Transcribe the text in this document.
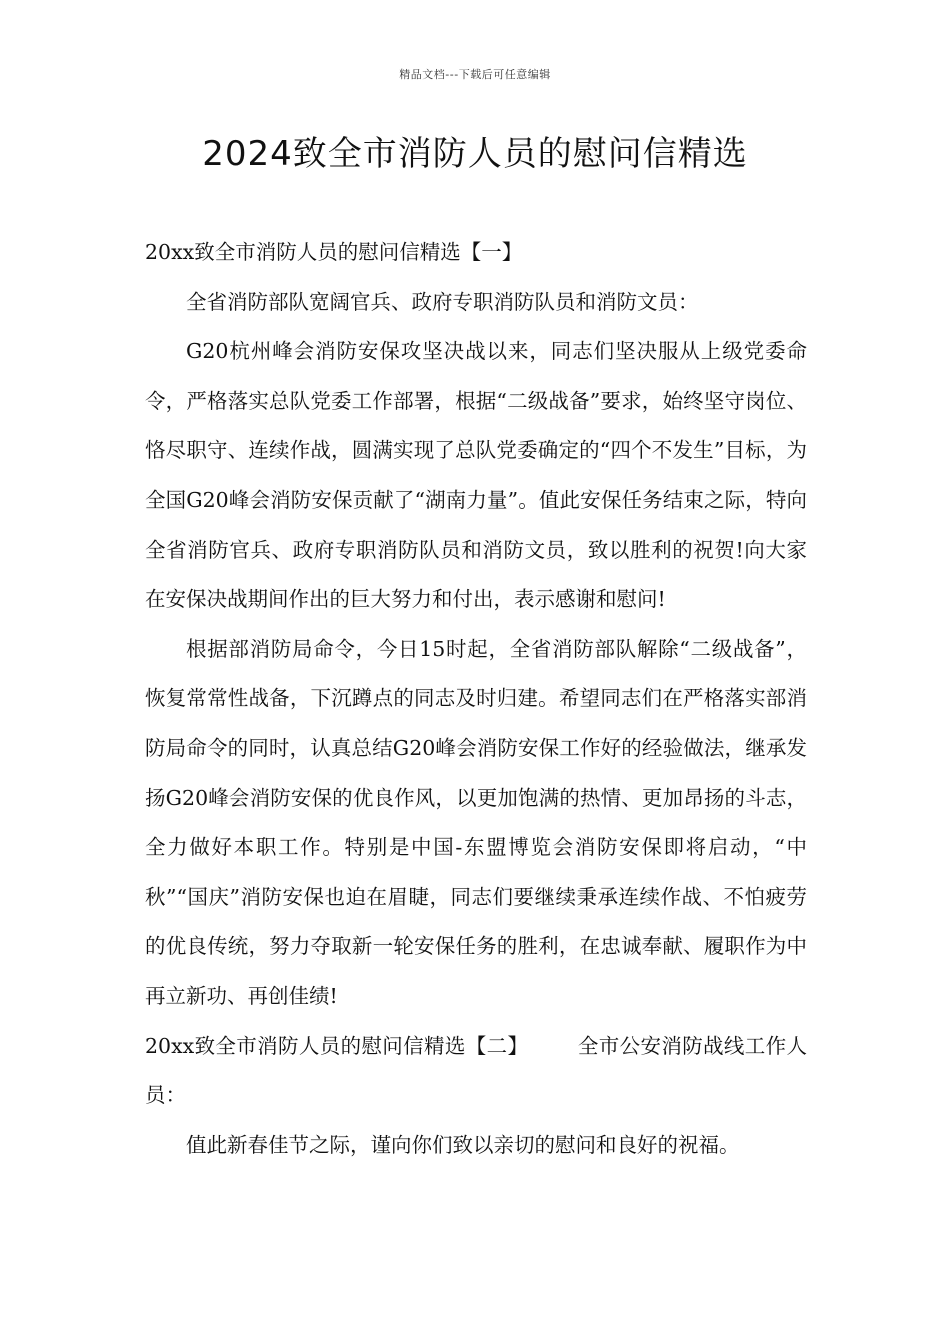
精品文档---下载后可任意编辑
2024致全市消防人员的慰问信精选

20xx致全市消防人员的慰问信精选【一】

全省消防部队宽阔官兵、政府专职消防队员和消防文员：

G20杭州峰会消防安保攻坚决战以来，同志们坚决服从上级党委命令，严格落实总队党委工作部署，根据“二级战备”要求，始终坚守岗位、恪尽职守、连续作战，圆满实现了总队党委确定的“四个不发生”目标，为全国G20峰会消防安保贡献了“湖南力量”。值此安保任务结束之际，特向全省消防官兵、政府专职消防队员和消防文员，致以胜利的祝贺!向大家在安保决战期间作出的巨大努力和付出，表示感谢和慰问!

根据部消防局命令，今日15时起，全省消防部队解除“二级战备”，恢复常常性战备，下沉蹲点的同志及时归建。希望同志们在严格落实部消防局命令的同时，认真总结G20峰会消防安保工作好的经验做法，继承发扬G20峰会消防安保的优良作风，以更加饱满的热情、更加昂扬的斗志，全力做好本职工作。特别是中国-东盟博览会消防安保即将启动，“中秋”“国庆”消防安保也迫在眉睫，同志们要继续秉承连续作战、不怕疲劳的优良传统，努力夺取新一轮安保任务的胜利，在忠诚奉献、履职作为中再立新功、再创佳绩!

20xx致全市消防人员的慰问信精选【二】 全市公安消防战线工作人员：

值此新春佳节之际，谨向你们致以亲切的慰问和良好的祝福。
